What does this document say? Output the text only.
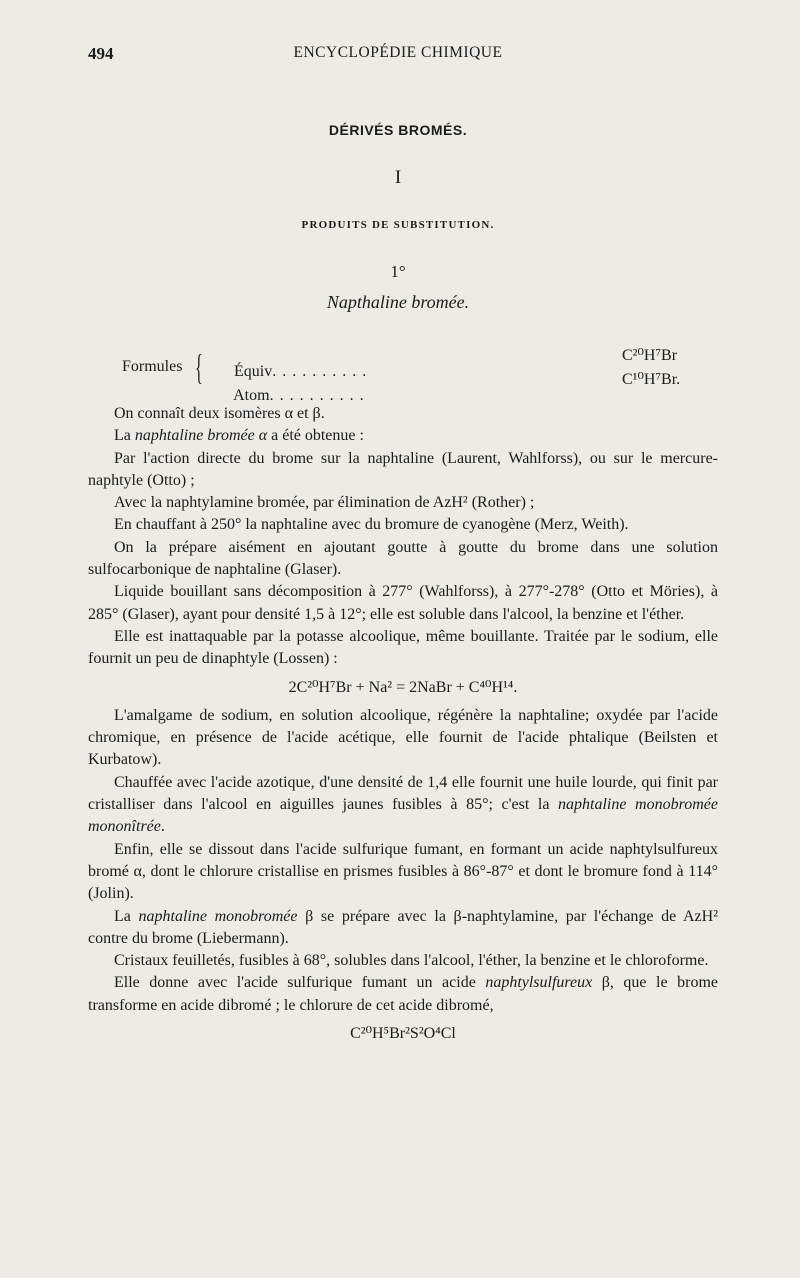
494	ENCYCLOPÉDIE CHIMIQUE
DÉRIVÉS BROMÉS.
I
PRODUITS DE SUBSTITUTION.
1°
Napthaline bromée.
Formules {	Équiv. . . . . . . . . .

C²⁰H⁷Br

Atom. . . . . . . . . .

C¹⁰H⁷Br.

On connaît deux isomères α et β.

La naphtaline bromée α a été obtenue :

Par l'action directe du brome sur la naphtaline (Laurent, Wahlforss), ou sur le mercure-naphtyle (Otto) ;

Avec la naphtylamine bromée, par élimination de AzH² (Rother) ;

En chauffant à 250° la naphtaline avec du bromure de cyanogène (Merz, Weith).

On la prépare aisément en ajoutant goutte à goutte du brome dans une solution sulfocarbonique de naphtaline (Glaser).

Liquide bouillant sans décomposition à 277° (Wahlforss), à 277°-278° (Otto et Möries), à 285° (Glaser), ayant pour densité 1,5 à 12°; elle est soluble dans l'alcool, la benzine et l'éther.

Elle est inattaquable par la potasse alcoolique, même bouillante. Traitée par le sodium, elle fournit un peu de dinaphtyle (Lossen) :

2C²⁰H⁷Br + Na² = 2NaBr + C⁴⁰H¹⁴.

L'amalgame de sodium, en solution alcoolique, régénère la naphtaline; oxydée par l'acide chromique, en présence de l'acide acétique, elle fournit de l'acide phtalique (Beilsten et Kurbatow).

Chauffée avec l'acide azotique, d'une densité de 1,4 elle fournit une huile lourde, qui finit par cristalliser dans l'alcool en aiguilles jaunes fusibles à 85°; c'est la naphtaline monobromée mononîtrée.

Enfin, elle se dissout dans l'acide sulfurique fumant, en formant un acide naphtylsulfureux bromé α, dont le chlorure cristallise en prismes fusibles à 86°-87° et dont le bromure fond à 114° (Jolin).

La naphtaline monobromée β se prépare avec la β-naphtylamine, par l'échange de AzH² contre du brome (Liebermann).

Cristaux feuilletés, fusibles à 68°, solubles dans l'alcool, l'éther, la benzine et le chloroforme.

Elle donne avec l'acide sulfurique fumant un acide naphtylsulfureux β, que le brome transforme en acide dibromé ; le chlorure de cet acide dibromé,

C²⁰H⁵Br²S²O⁴Cl
